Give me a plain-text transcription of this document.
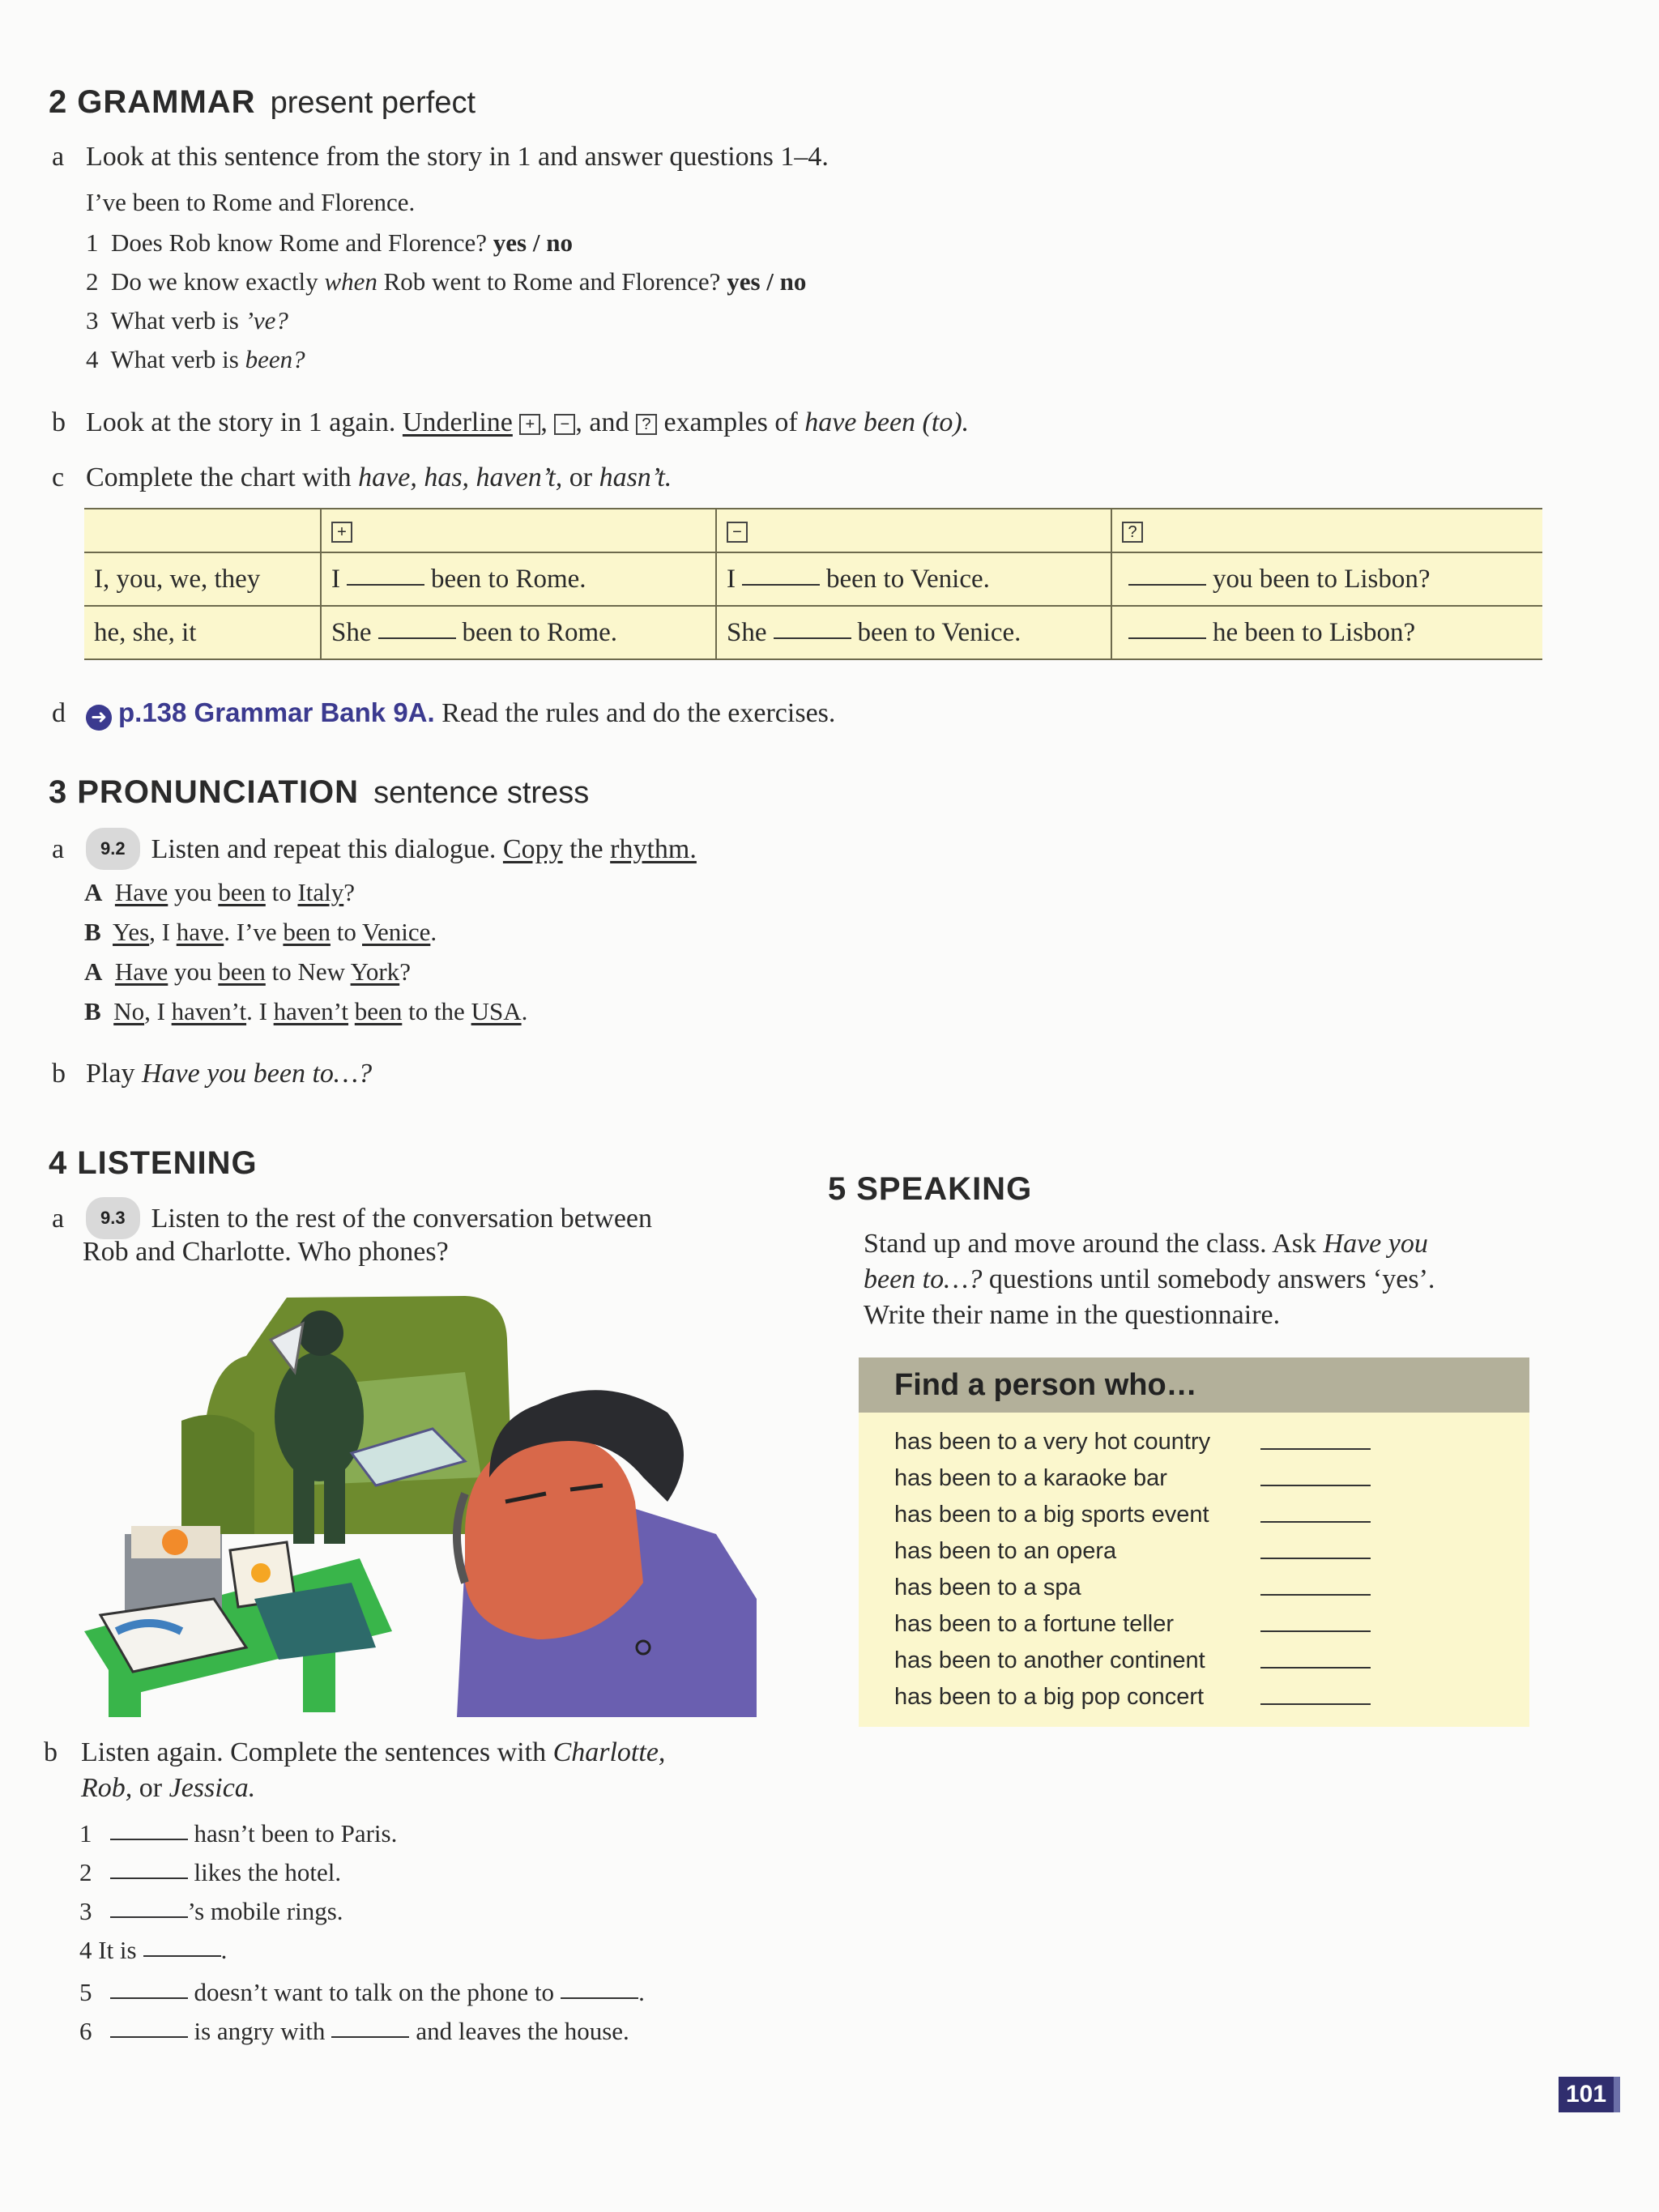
2 GRAMMAR present perfect
a Look at this sentence from the story in 1 and answer questions 1–4.
I’ve been to Rome and Florence.
1 Does Rob know Rome and Florence? yes / no
2 Do we know exactly when Rob went to Rome and Florence? yes / no
3 What verb is ’ve?
4 What verb is been?
b Look at the story in 1 again. Underline + , − , and ? examples of have been (to).
c Complete the chart with have, has, haven’t, or hasn’t.
	+	−	?
I, you, we, they	I been to Rome.	I been to Venice.	you been to Lisbon?
he, she, it	She been to Rome.	She been to Venice.	he been to Lisbon?
d ➜ p.138 Grammar Bank 9A. Read the rules and do the exercises.
3 PRONUNCIATION sentence stress
a 9.2 Listen and repeat this dialogue. Copy the rhythm.
A Have you been to Italy?
B Yes, I have. I’ve been to Venice.
A Have you been to New York?
B No, I haven’t. I haven’t been to the USA.
b Play Have you been to…?
4 LISTENING
a 9.3 Listen to the rest of the conversation between
Rob and Charlotte. Who phones?
b Listen again. Complete the sentences with Charlotte,
Rob, or Jessica.
1	hasn’t been to Paris.
2	likes the hotel.
3	’s mobile rings.
4 It is	.
5	doesn’t want to talk on the phone to	.
6	is angry with	and leaves the house.
5 SPEAKING
Stand up and move around the class. Ask Have you
been to…? questions until somebody answers ‘yes’.
Write their name in the questionnaire.
Find a person who…
has been to a very hot country
has been to a karaoke bar
has been to a big sports event
has been to an opera
has been to a spa
has been to a fortune teller
has been to another continent
has been to a big pop concert
101
